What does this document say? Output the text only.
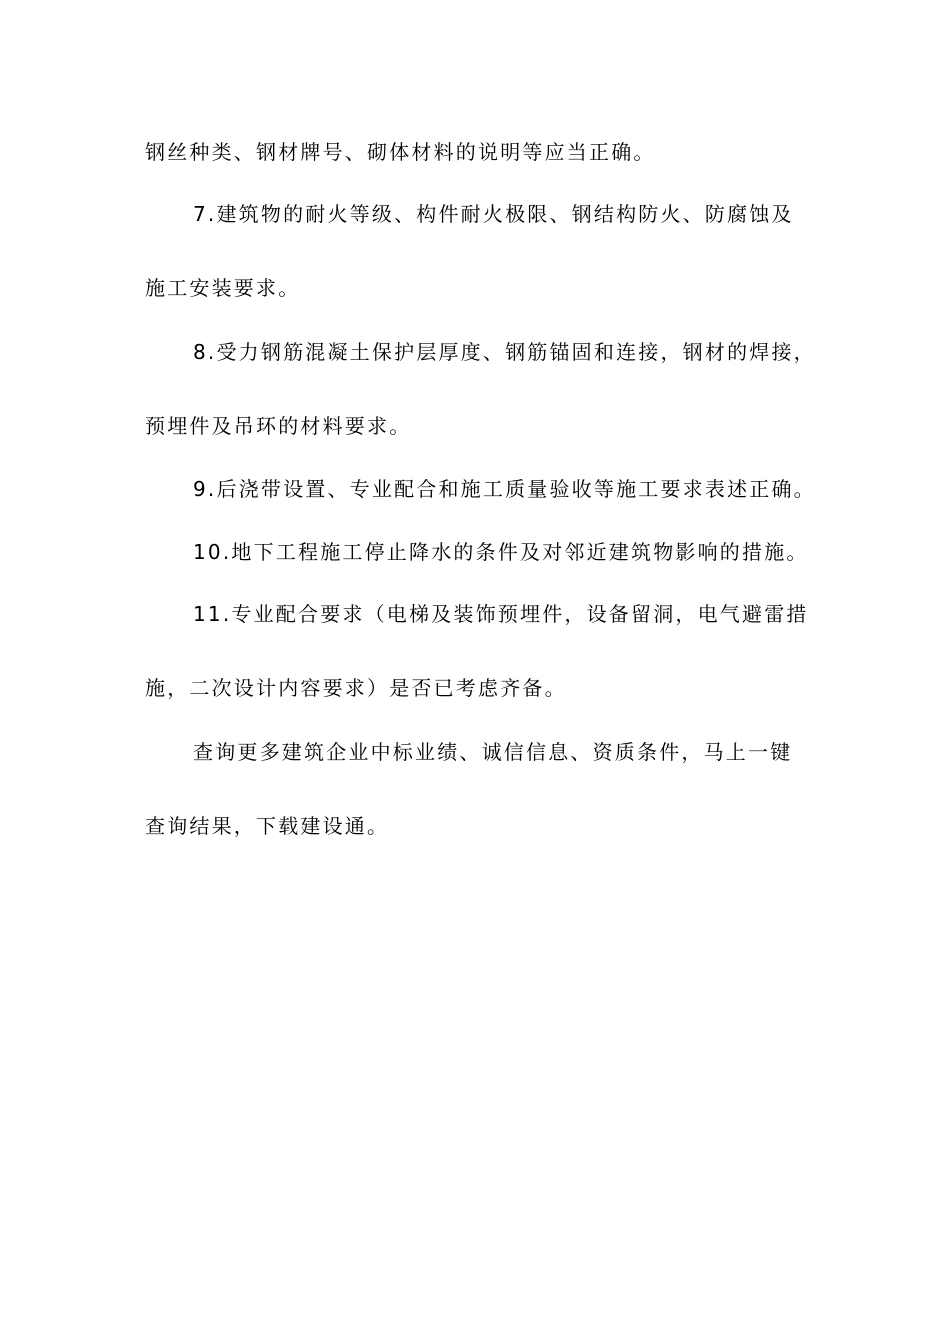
钢丝种类、钢材牌号、砌体材料的说明等应当正确。
7.建筑物的耐火等级、构件耐火极限、钢结构防火、防腐蚀及
施工安装要求。
8.受力钢筋混凝土保护层厚度、钢筋锚固和连接，钢材的焊接，
预埋件及吊环的材料要求。
9.后浇带设置、专业配合和施工质量验收等施工要求表述正确。
10.地下工程施工停止降水的条件及对邻近建筑物影响的措施。
11.专业配合要求（电梯及装饰预埋件，设备留洞，电气避雷措
施，二次设计内容要求）是否已考虑齐备。
查询更多建筑企业中标业绩、诚信信息、资质条件，马上一键
查询结果，下载建设通。
